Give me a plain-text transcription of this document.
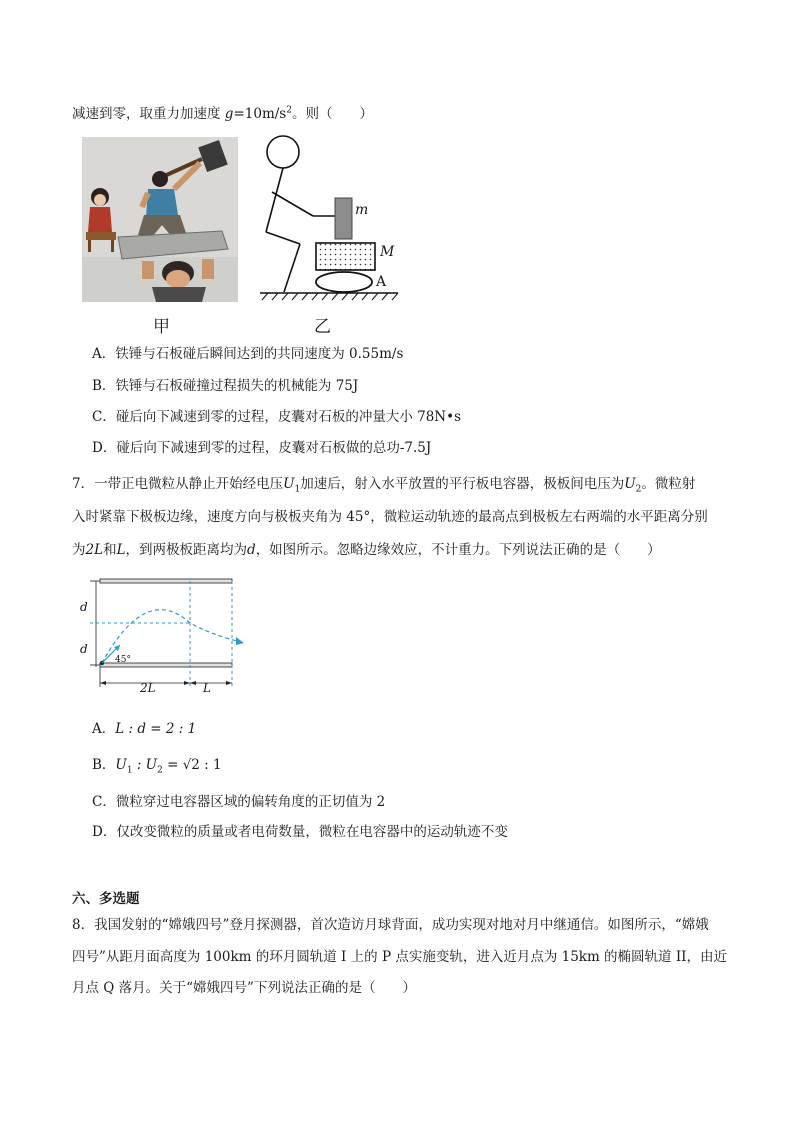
减速到零，取重力加速度 $g=10m/s^2$。则（　　）
m
M
A
甲	乙
A．铁锤与石板碰后瞬间达到的共同速度为 0.55m/s
B．铁锤与石板碰撞过程损失的机械能为 75J
C．碰后向下减速到零的过程，皮囊对石板的冲量大小 78N•s
D．碰后向下减速到零的过程，皮囊对石板做的总功-7.5J
7．一带正电微粒从静止开始经电压$U_1$加速后，射入水平放置的平行板电容器，极板间电压为$U_2$。微粒射
入时紧靠下极板边缘，速度方向与极板夹角为 45°，微粒运动轨迹的最高点到极板左右两端的水平距离分别
为2L和L，到两极板距离均为d，如图所示。忽略边缘效应，不计重力。下列说法正确的是（　　）
d
d
45°
2L	L
A．L : d = 2 : 1
B．$U_1$ : $U_2 = √2$ : 1
C．微粒穿过电容器区域的偏转角度的正切值为 2
D．仅改变微粒的质量或者电荷数量，微粒在电容器中的运动轨迹不变
六、多选题
8．我国发射的“嫦娥四号”登月探测器，首次造访月球背面，成功实现对地对月中继通信。如图所示，“嫦娥
四号”从距月面高度为 100km 的环月圆轨道 I 上的 P 点实施变轨，进入近月点为 15km 的椭圆轨道 II，由近
月点 Q 落月。关于“嫦娥四号”下列说法正确的是（　　）
